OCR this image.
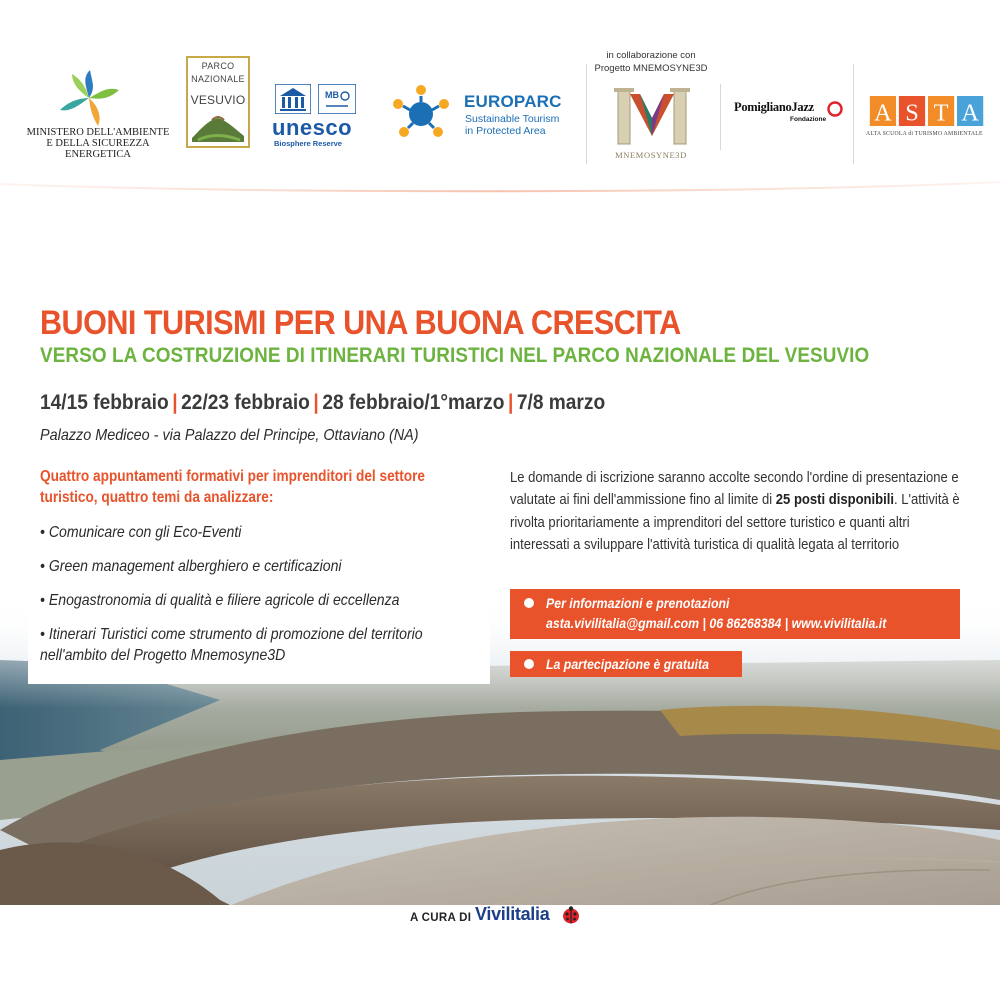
MINISTERO DELL'AMBIENTE
E DELLA SICUREZZA ENERGETICA
PARCO
NAZIONALE
VESUVIO	MB
unesco
Biosphere Reserve
EUROPARC
Sustainable Tourism
in Protected Area
in collaborazione con
Progetto MNEMOSYNE3D
MNEMOSYNE3D
PomiglianoJazz
Fondazione A S T A
ALTA SCUOLA di TURISMO AMBIENTALE
BUONI TURISMI PER UNA BUONA CRESCITA
VERSO LA COSTRUZIONE DI ITINERARI TURISTICI NEL PARCO NAZIONALE DEL VESUVIO
14/15 febbraio | 22/23 febbraio | 28 febbraio/1°marzo | 7/8 marzo
Palazzo Mediceo - via Palazzo del Principe, Ottaviano (NA)
Quattro appuntamenti formativi per imprenditori del settore turistico, quattro temi da analizzare:
• Comunicare con gli Eco-Eventi
• Green management alberghiero e certificazioni
• Enogastronomia di qualità e filiere agricole di eccellenza
• Itinerari Turistici come strumento di promozione del territorio nell'ambito del Progetto Mnemosyne3D
Le domande di iscrizione saranno accolte secondo l'ordine di presentazione e valutate ai fini dell'ammissione fino al limite di 25 posti disponibili. L'attività è rivolta prioritariamente a imprenditori del settore turistico e quanti altri interessati a sviluppare l'attività turistica di qualità legata al territorio
Per informazioni e prenotazioni
asta.vivilitalia@gmail.com | 06 86268384 | www.vivilitalia.it
La partecipazione è gratuita
A CURA DI Vivilitalia
